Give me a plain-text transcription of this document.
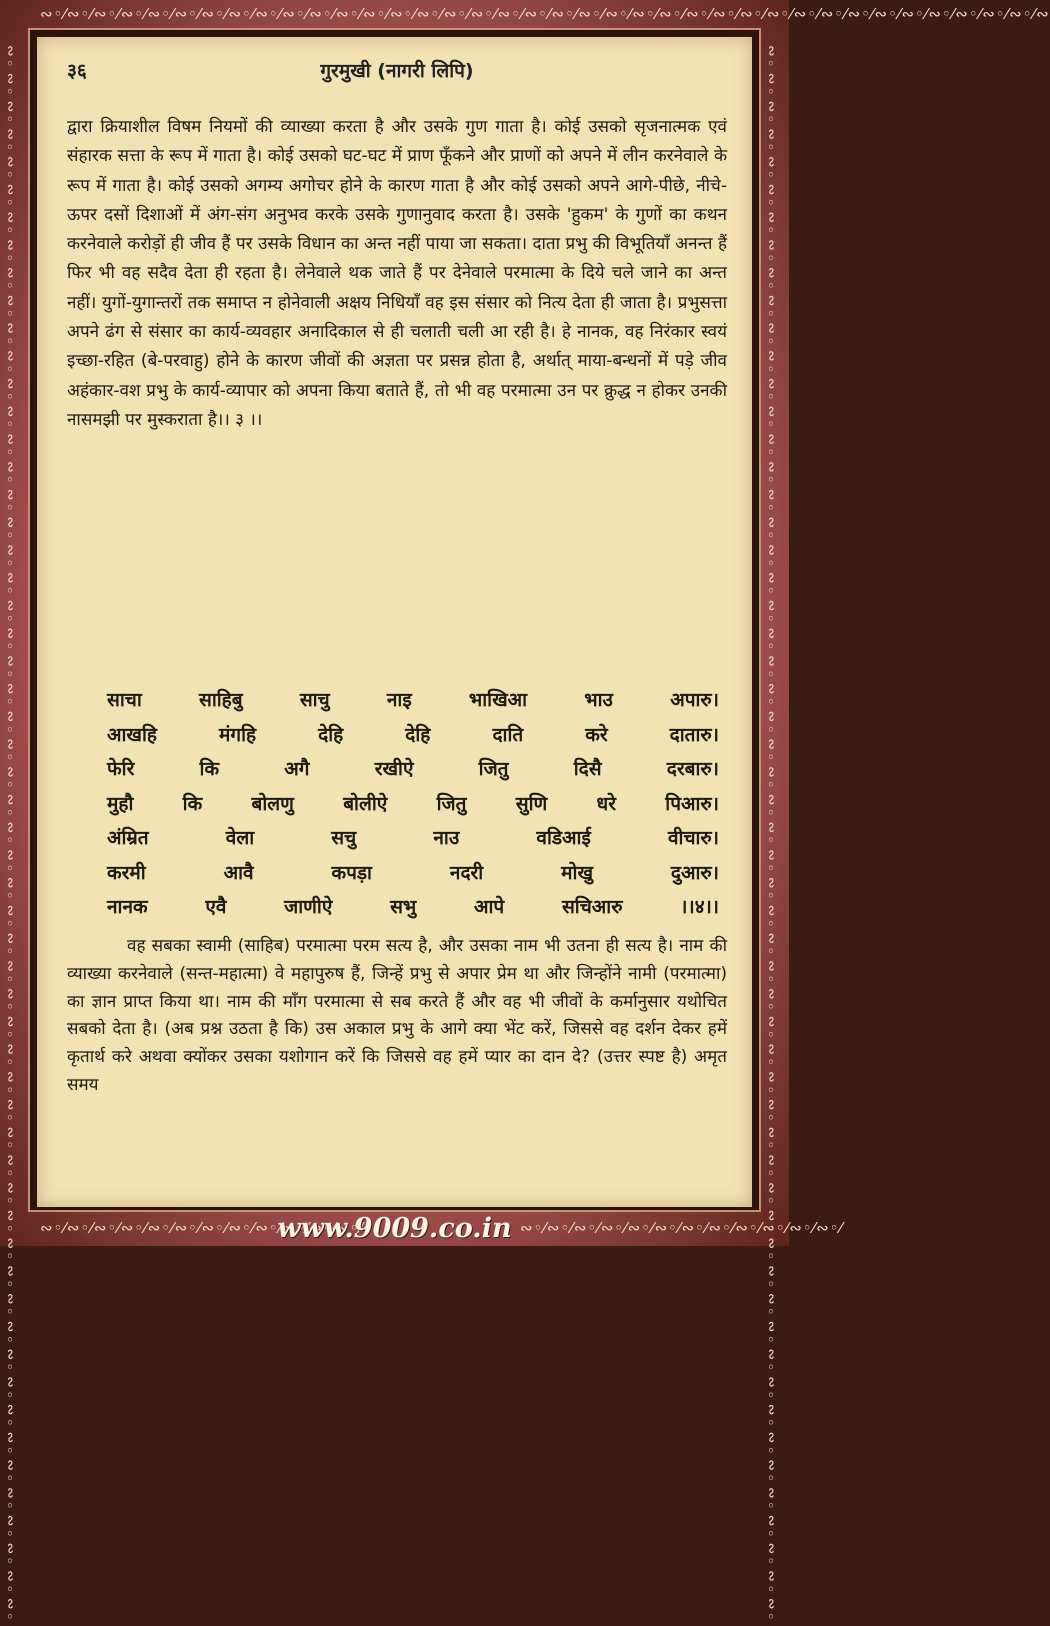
∾◦⁄∾◦⁄∾◦⁄∾◦⁄∾◦⁄∾◦⁄∾◦⁄∾◦⁄∾◦⁄∾◦⁄∾◦⁄∾◦⁄∾◦⁄∾◦⁄∾◦⁄∾◦⁄∾◦⁄∾◦⁄∾◦⁄∾◦⁄∾◦⁄∾◦⁄∾◦⁄∾◦⁄∾◦⁄∾◦⁄∾◦⁄∾◦⁄∾◦⁄∾◦⁄∾◦⁄∾◦⁄∾◦⁄∾◦⁄∾◦⁄∾◦⁄∾◦⁄∾
∾◦∾◦∾◦∾◦∾◦∾◦∾◦∾◦∾◦∾◦∾◦∾◦∾◦∾◦∾◦∾◦∾◦∾◦∾◦∾◦∾◦∾◦∾◦∾◦∾◦∾◦∾◦∾◦∾◦∾◦∾◦∾◦∾◦∾◦∾◦∾◦∾◦∾◦∾◦∾◦∾◦∾◦∾◦∾◦∾◦∾◦∾◦∾◦∾◦∾◦∾◦∾◦∾◦∾◦∾◦∾◦∾◦	∾◦∾◦∾◦∾◦∾◦∾◦∾◦∾◦∾◦∾◦∾◦∾◦∾◦∾◦∾◦∾◦∾◦∾◦∾◦∾◦∾◦∾◦∾◦∾◦∾◦∾◦∾◦∾◦∾◦∾◦∾◦∾◦∾◦∾◦∾◦∾◦∾◦∾◦∾◦∾◦∾◦∾◦∾◦∾◦∾◦∾◦∾◦∾◦∾◦∾◦∾◦∾◦∾◦∾◦∾◦∾◦∾◦
∾◦⁄∾◦⁄∾◦⁄∾◦⁄∾◦⁄∾◦⁄∾◦⁄∾◦⁄∾◦⁄∾◦⁄∾◦⁄∾◦⁄	∾◦⁄∾◦⁄∾◦⁄∾◦⁄∾◦⁄∾◦⁄∾◦⁄∾◦⁄∾◦⁄∾◦⁄∾◦⁄∾◦⁄
३६	गुरमुखी (नागरी लिपि)
द्वारा क्रियाशील विषम नियमों की व्याख्या करता है और उसके गुण गाता है। कोई उसको सृजनात्मक एवं संहारक सत्ता के रूप में गाता है। कोई उसको घट-घट में प्राण फूँकने और प्राणों को अपने में लीन करनेवाले के रूप में गाता है। कोई उसको अगम्य अगोचर होने के कारण गाता है और कोई उसको अपने आगे-पीछे, नीचे-ऊपर दसों दिशाओं में अंग-संग अनुभव करके उसके गुणानुवाद करता है। उसके 'हुकम' के गुणों का कथन करनेवाले करोड़ों ही जीव हैं पर उसके विधान का अन्त नहीं पाया जा सकता। दाता प्रभु की विभूतियाँ अनन्त हैं फिर भी वह सदैव देता ही रहता है। लेनेवाले थक जाते हैं पर देनेवाले परमात्मा के दिये चले जाने का अन्त नहीं। युगों-युगान्तरों तक समाप्त न होनेवाली अक्षय निधियाँ वह इस संसार को नित्य देता ही जाता है। प्रभुसत्ता अपने ढंग से संसार का कार्य-व्यवहार अनादिकाल से ही चलाती चली आ रही है। हे नानक, वह निरंकार स्वयं इच्छा-रहित (बे-परवाहु) होने के कारण जीवों की अज्ञता पर प्रसन्न होता है, अर्थात् माया-बन्धनों में पड़े जीव अहंकार-वश प्रभु के कार्य-व्यापार को अपना किया बताते हैं, तो भी वह परमात्मा उन पर क्रुद्ध न होकर उनकी नासमझी पर मुस्कराता है।। ३ ।।
साचा साहिबु साचु नाइ भाखिआ भाउ अपारु।
आखहि मंगहि देहि देहि दाति करे दातारु।
फेरि कि अगै रखीऐ जितु दिसै दरबारु।
मुहौ कि बोलणु बोलीऐ जितु सुणि धरे पिआरु।
अंम्रित वेला सचु नाउ वडिआई वीचारु।
करमी आवै कपड़ा नदरी मोखु दुआरु।
नानक एवै जाणीऐ सभु आपे सचिआरु ।।४।।
वह सबका स्वामी (साहिब) परमात्मा परम सत्य है, और उसका नाम भी उतना ही सत्य है। नाम की व्याख्या करनेवाले (सन्त-महात्मा) वे महापुरुष हैं, जिन्हें प्रभु से अपार प्रेम था और जिन्होंने नामी (परमात्मा) का ज्ञान प्राप्त किया था। नाम की माँग परमात्मा से सब करते हैं और वह भी जीवों के कर्मानुसार यथोचित सबको देता है। (अब प्रश्न उठता है कि) उस अकाल प्रभु के आगे क्या भेंट करें, जिससे वह दर्शन देकर हमें कृतार्थ करे अथवा क्योंकर उसका यशोगान करें कि जिससे वह हमें प्यार का दान दे? (उत्तर स्पष्ट है) अमृत समय
www.9009.co.in
